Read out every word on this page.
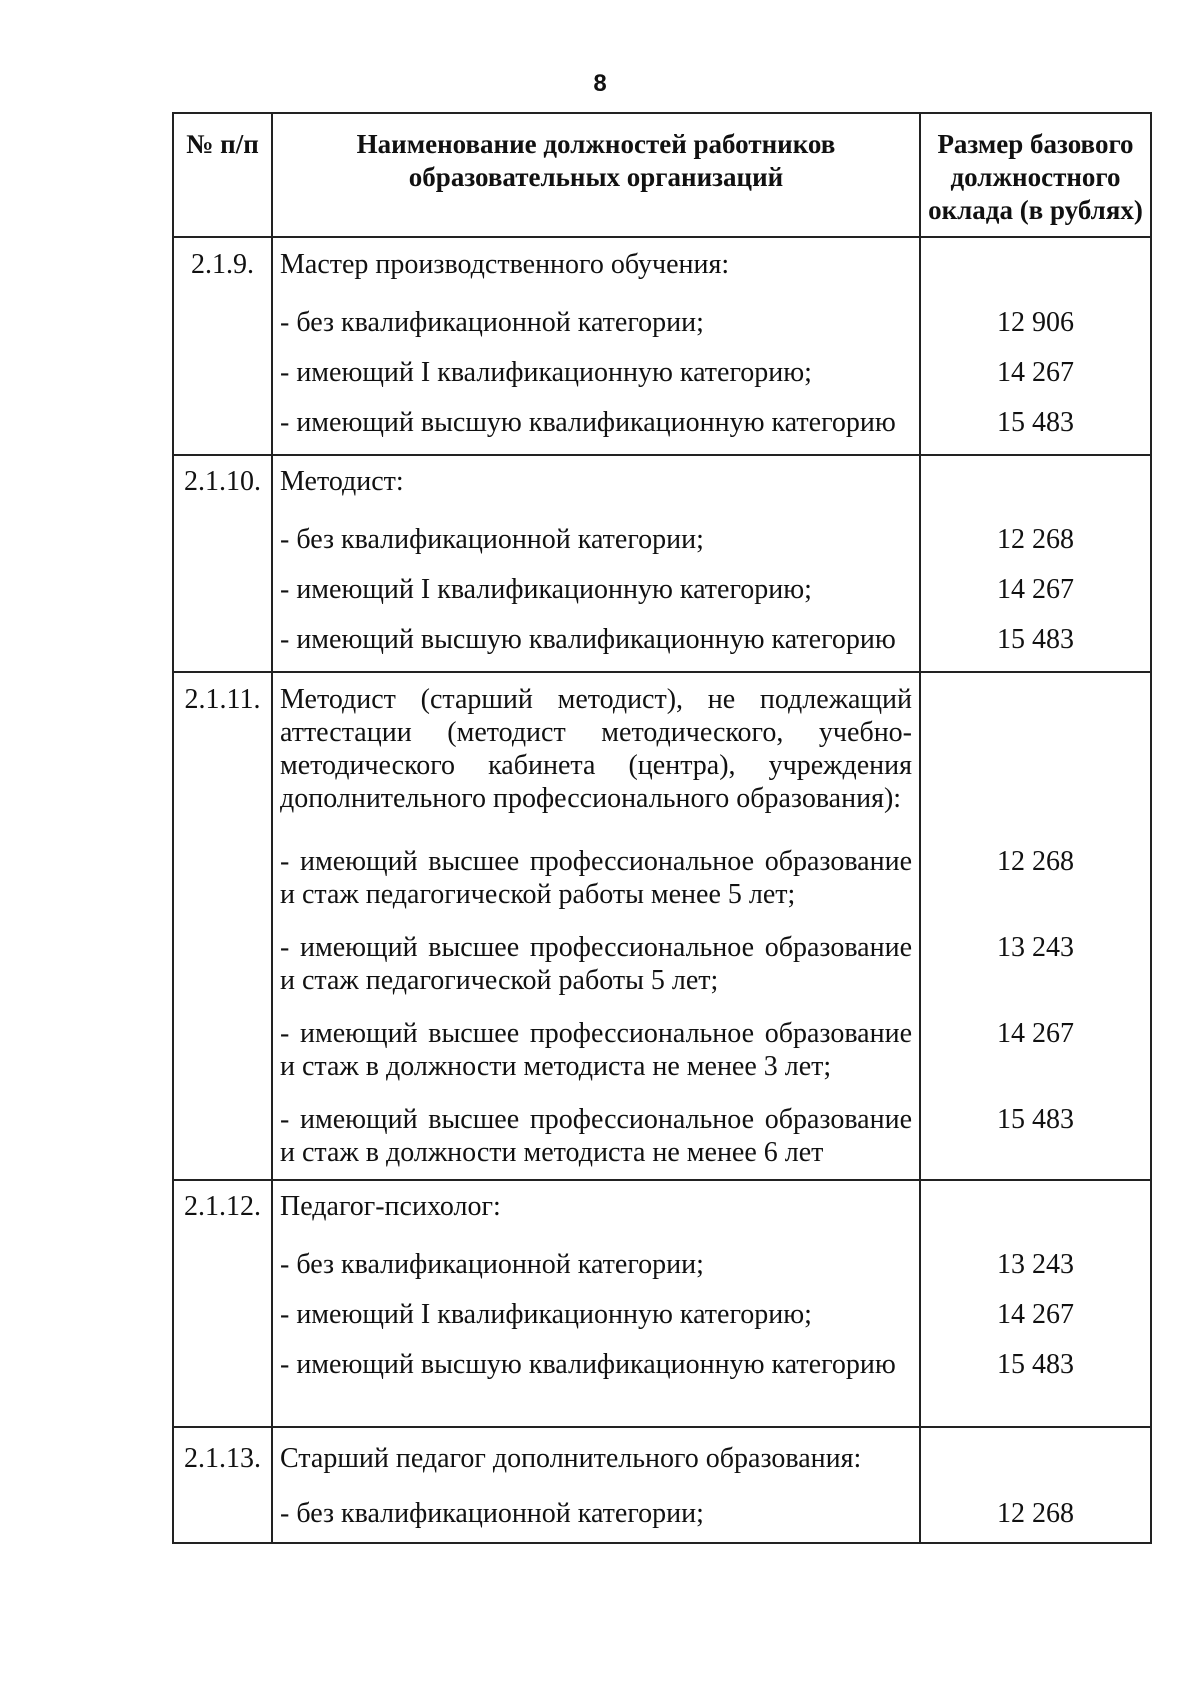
8
№ п/п	Наименование должностей работников образовательных организаций	Размер базового должностного оклада (в рублях)
2.1.9.	Мастер производственного обучения:	
	- без квалификационной категории;	12 906
	- имеющий I квалификационную категорию;	14 267
	- имеющий высшую квалификационную категорию	15 483
2.1.10.	Методист:	
	- без квалификационной категории;	12 268
	- имеющий I квалификационную категорию;	14 267
	- имеющий высшую квалификационную категорию	15 483
2.1.11.	Методист (старший методист), не подлежащий аттестации (методист методического, учебно-методического кабинета (центра), учреждения дополнительного профессионального образования):	
	- имеющий высшее профессиональное образование и стаж педагогической работы менее 5 лет;	12 268
	- имеющий высшее профессиональное образование и стаж педагогической работы 5 лет;	13 243
	- имеющий высшее профессиональное образование и стаж в должности методиста не менее 3 лет;	14 267
	- имеющий высшее профессиональное образование и стаж в должности методиста не менее 6 лет	15 483
2.1.12.	Педагог-психолог:	
	- без квалификационной категории;	13 243
	- имеющий I квалификационную категорию;	14 267
	- имеющий высшую квалификационную категорию	15 483
2.1.13.	Старший педагог дополнительного образования:	
	- без квалификационной категории;	12 268
